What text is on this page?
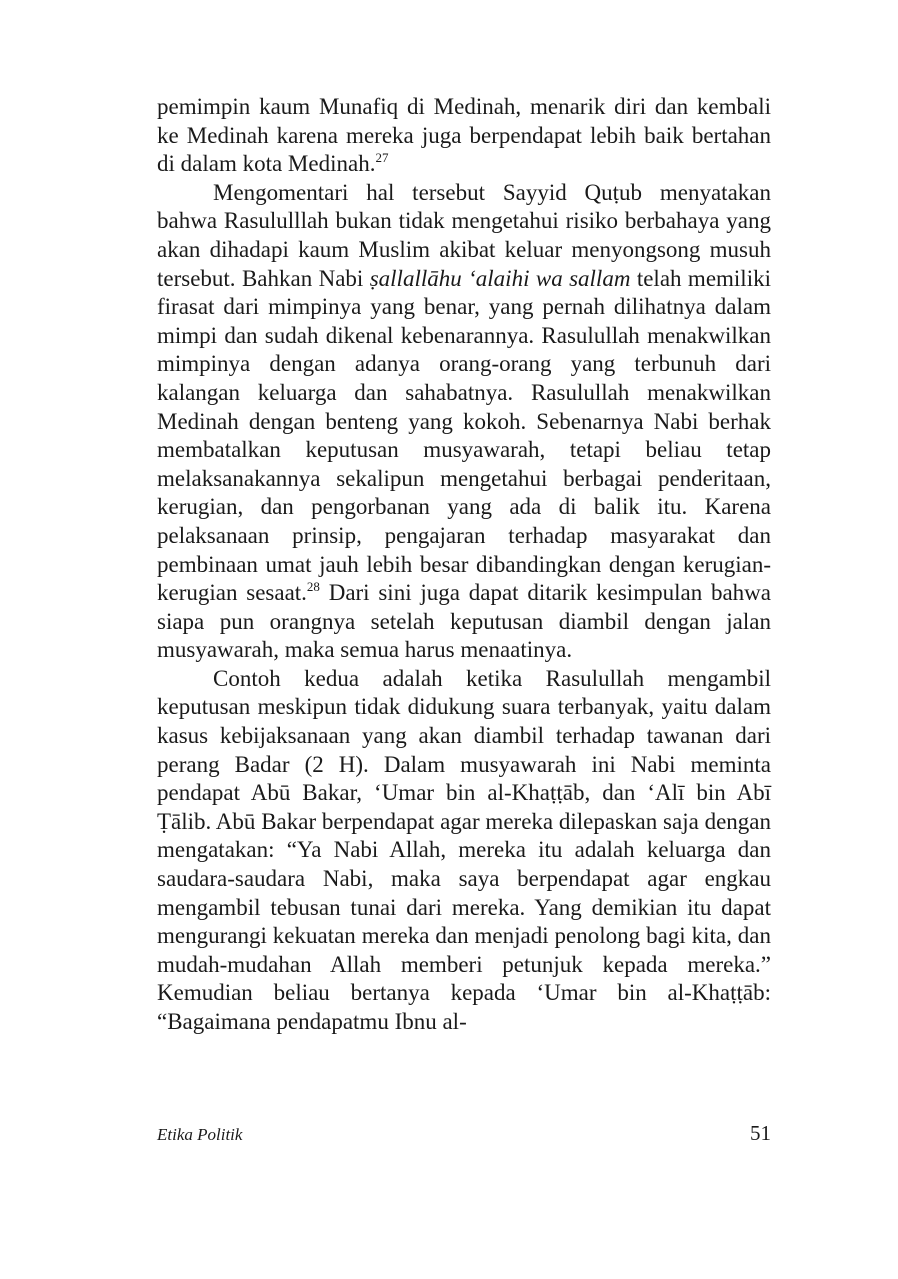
pemimpin kaum Munafiq di Medinah, menarik diri dan kembali ke Medinah karena mereka juga berpendapat lebih baik bertahan di dalam kota Medinah.$^{27}$

Mengomentari hal tersebut Sayyid Quṭub menyatakan bahwa Rasululllah bukan tidak mengetahui risiko berbahaya yang akan dihadapi kaum Muslim akibat keluar menyongsong musuh tersebut. Bahkan Nabi ṣallallāhu ‘alaihi wa sallam telah memiliki firasat dari mimpinya yang benar, yang pernah dilihatnya dalam mimpi dan sudah dikenal kebenarannya. Rasulullah menakwilkan mimpinya dengan adanya orang-orang yang terbunuh dari kalangan keluarga dan sahabatnya. Rasulullah menakwilkan Medinah dengan benteng yang kokoh. Sebenarnya Nabi berhak membatalkan keputusan musyawarah, tetapi beliau tetap melaksanakannya sekalipun mengetahui berbagai penderitaan, kerugian, dan pengorbanan yang ada di balik itu. Karena pelaksanaan prinsip, pengajaran terhadap masyarakat dan pembinaan umat jauh lebih besar dibandingkan dengan kerugian-kerugian sesaat.$^{28}$ Dari sini juga dapat ditarik kesimpulan bahwa siapa pun orangnya setelah keputusan diambil dengan jalan musyawarah, maka semua harus menaatinya.

Contoh kedua adalah ketika Rasulullah mengambil keputusan meskipun tidak didukung suara terbanyak, yaitu dalam kasus kebijaksanaan yang akan diambil terhadap tawanan dari perang Badar (2 H). Dalam musyawarah ini Nabi meminta pendapat Abū Bakar, ‘Umar bin al-Khaṭṭāb, dan ‘Alī bin Abī Ṭālib. Abū Bakar berpendapat agar mereka dilepaskan saja dengan mengatakan: “Ya Nabi Allah, mereka itu adalah keluarga dan saudara-saudara Nabi, maka saya berpendapat agar engkau mengambil tebusan tunai dari mereka. Yang demikian itu dapat mengurangi kekuatan mereka dan menjadi penolong bagi kita, dan mudah-mudahan Allah memberi petunjuk kepada mereka.” Kemudian beliau bertanya kepada ‘Umar bin al-Khaṭṭāb: “Bagaimana pendapatmu Ibnu al-

Etika Politik	51
